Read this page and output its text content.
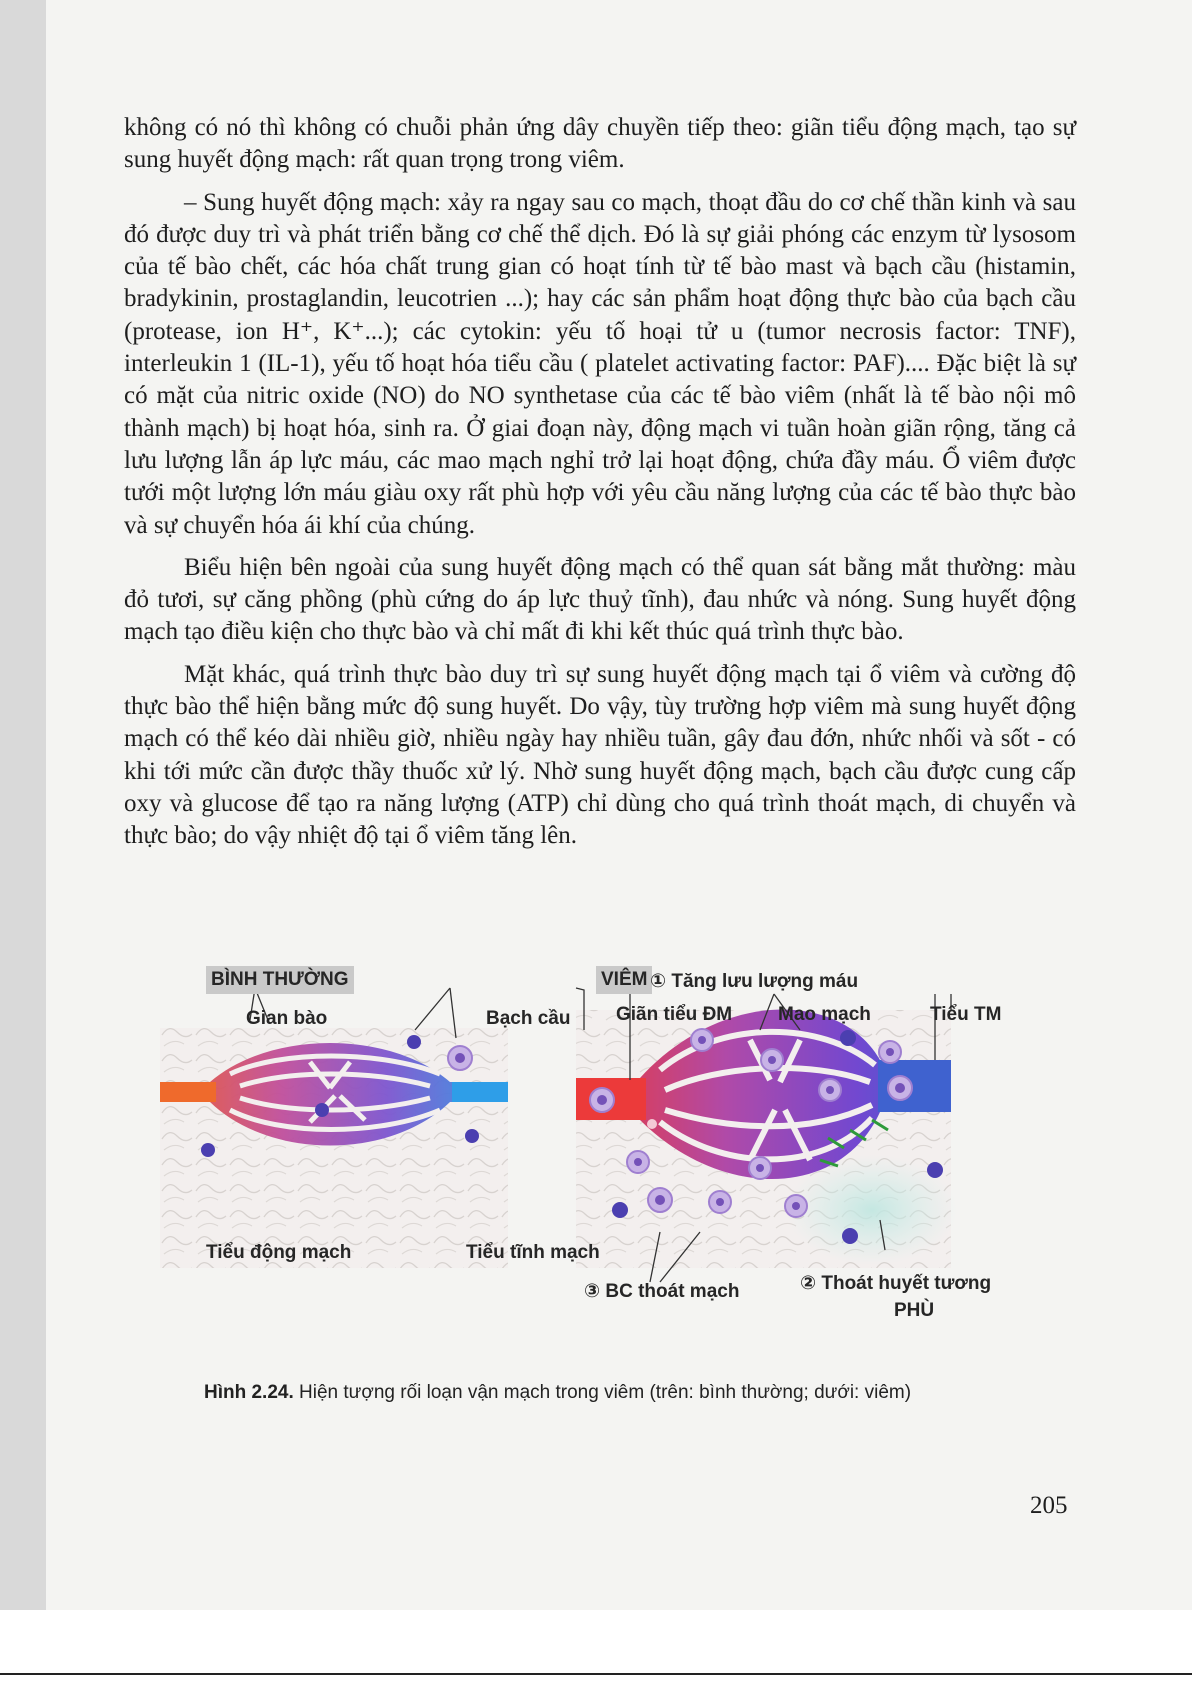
không có nó thì không có chuỗi phản ứng dây chuyền tiếp theo: giãn tiểu động mạch, tạo sự sung huyết động mạch: rất quan trọng trong viêm.

– Sung huyết động mạch: xảy ra ngay sau co mạch, thoạt đầu do cơ chế thần kinh và sau đó được duy trì và phát triển bằng cơ chế thể dịch. Đó là sự giải phóng các enzym từ lysosom của tế bào chết, các hóa chất trung gian có hoạt tính từ tế bào mast và bạch cầu (histamin, bradykinin, prostaglandin, leucotrien ...); hay các sản phẩm hoạt động thực bào của bạch cầu (protease, ion H⁺, K⁺...); các cytokin: yếu tố hoại tử u (tumor necrosis factor: TNF), interleukin 1 (IL-1), yếu tố hoạt hóa tiểu cầu ( platelet activating factor: PAF).... Đặc biệt là sự có mặt của nitric oxide (NO) do NO synthetase của các tế bào viêm (nhất là tế bào nội mô thành mạch) bị hoạt hóa, sinh ra. Ở giai đoạn này, động mạch vi tuần hoàn giãn rộng, tăng cả lưu lượng lẫn áp lực máu, các mao mạch nghỉ trở lại hoạt động, chứa đầy máu. Ổ viêm được tưới một lượng lớn máu giàu oxy rất phù hợp với yêu cầu năng lượng của các tế bào thực bào và sự chuyển hóa ái khí của chúng.

Biểu hiện bên ngoài của sung huyết động mạch có thể quan sát bằng mắt thường: màu đỏ tươi, sự căng phồng (phù cứng do áp lực thuỷ tĩnh), đau nhức và nóng. Sung huyết động mạch tạo điều kiện cho thực bào và chỉ mất đi khi kết thúc quá trình thực bào.

Mặt khác, quá trình thực bào duy trì sự sung huyết động mạch tại ổ viêm và cường độ thực bào thể hiện bằng mức độ sung huyết. Do vậy, tùy trường hợp viêm mà sung huyết động mạch có thể kéo dài nhiều giờ, nhiều ngày hay nhiều tuần, gây đau đớn, nhức nhối và sốt - có khi tới mức cần được thầy thuốc xử lý. Nhờ sung huyết động mạch, bạch cầu được cung cấp oxy và glucose để tạo ra năng lượng (ATP) chỉ dùng cho quá trình thoát mạch, di chuyển và thực bào; do vậy nhiệt độ tại ổ viêm tăng lên.

BÌNH THƯỜNG	VIÊM ① Tăng lưu lượng máu
Gian bào	Bạch cầu Giãn tiểu ĐM Mao mạch	Tiểu TM
Tiểu động mạch	Tiểu tĩnh mạch
③ BC thoát mạch	② Thoát huyết tương
PHÙ
Hình 2.24. Hiện tượng rối loạn vận mạch trong viêm (trên: bình thường; dưới: viêm)
205
